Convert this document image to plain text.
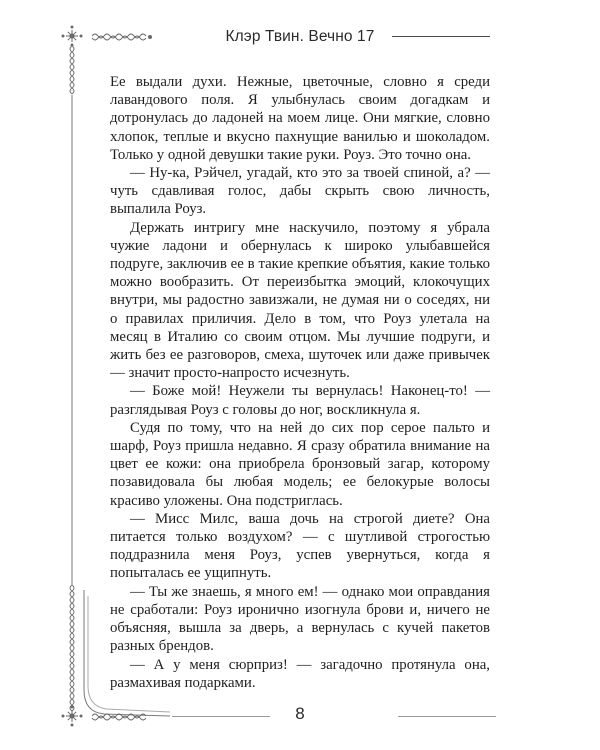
Клэр Твин. Вечно 17

Ее выдали духи. Нежные, цветочные, словно я среди лавандового поля. Я улыбнулась своим догадкам и дотронулась до ладоней на моем лице. Они мягкие, словно хлопок, теплые и вкусно пахнущие ванилью и шоколадом. Только у одной девушки такие руки. Роуз. Это точно она.

— Ну-ка, Рэйчел, угадай, кто это за твоей спиной, а? — чуть сдавливая голос, дабы скрыть свою личность, выпалила Роуз.

Держать интригу мне наскучило, поэтому я убрала чужие ладони и обернулась к широко улыбавшейся подруге, заключив ее в такие крепкие объятия, какие только можно вообразить. От переизбытка эмоций, клокочущих внутри, мы радостно завизжали, не думая ни о соседях, ни о правилах приличия. Дело в том, что Роуз улетала на месяц в Италию со своим отцом. Мы лучшие подруги, и жить без ее разговоров, смеха, шуточек или даже привычек — значит просто-напросто исчезнуть.

— Боже мой! Неужели ты вернулась! Наконец-то! — разглядывая Роуз с головы до ног, воскликнула я.

Судя по тому, что на ней до сих пор серое пальто и шарф, Роуз пришла недавно. Я сразу обратила внимание на цвет ее кожи: она приобрела бронзовый загар, которому позавидовала бы любая модель; ее белокурые волосы красиво уложены. Она подстриглась.

— Мисс Милс, ваша дочь на строгой диете? Она питается только воздухом? — с шутливой строгостью поддразнила меня Роуз, успев увернуться, когда я попыталась ее ущипнуть.

— Ты же знаешь, я много ем! — однако мои оправдания не сработали: Роуз иронично изогнула брови и, ничего не объясняя, вышла за дверь, а вернулась с кучей пакетов разных брендов.

— А у меня сюрприз! — загадочно протянула она, размахивая подарками.

8
